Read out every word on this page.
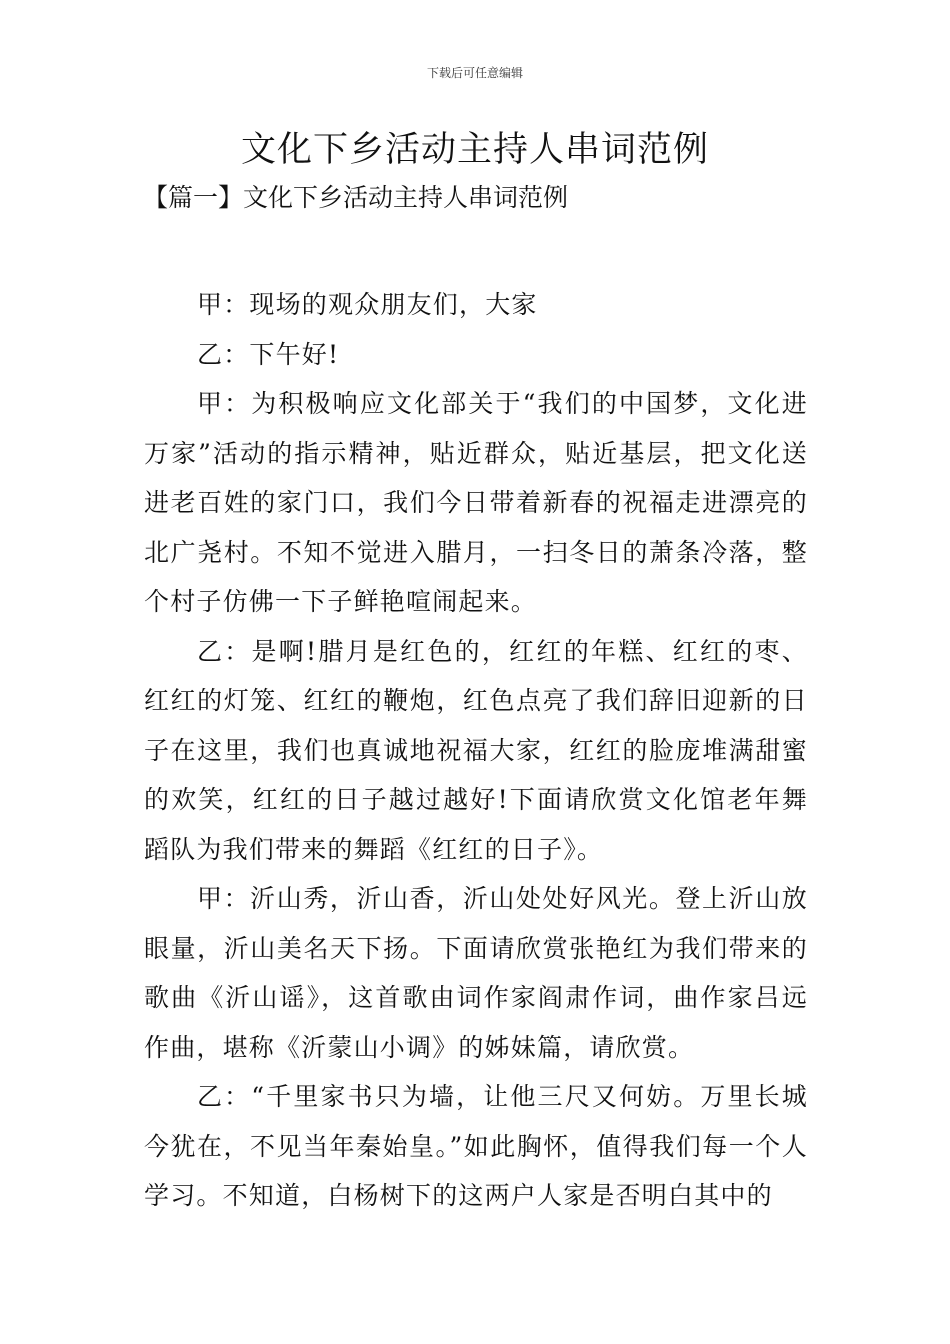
下载后可任意编辑
文化下乡活动主持人串词范例
【篇一】文化下乡活动主持人串词范例

甲：现场的观众朋友们，大家

乙：下午好!

甲：为积极响应文化部关于“我们的中国梦，文化进万家”活动的指示精神，贴近群众，贴近基层，把文化送进老百姓的家门口，我们今日带着新春的祝福走进漂亮的北广尧村。不知不觉进入腊月，一扫冬日的萧条冷落，整个村子仿佛一下子鲜艳喧闹起来。

乙：是啊!腊月是红色的，红红的年糕、红红的枣、红红的灯笼、红红的鞭炮，红色点亮了我们辞旧迎新的日子在这里，我们也真诚地祝福大家，红红的脸庞堆满甜蜜的欢笑，红红的日子越过越好!下面请欣赏文化馆老年舞蹈队为我们带来的舞蹈《红红的日子》。

甲：沂山秀，沂山香，沂山处处好风光。登上沂山放眼量，沂山美名天下扬。下面请欣赏张艳红为我们带来的歌曲《沂山谣》，这首歌由词作家阎肃作词，曲作家吕远作曲，堪称《沂蒙山小调》的姊妹篇，请欣赏。

乙：“千里家书只为墙，让他三尺又何妨。万里长城今犹在，不见当年秦始皇。”如此胸怀，值得我们每一个人学习。不知道，白杨树下的这两户人家是否明白其中的
